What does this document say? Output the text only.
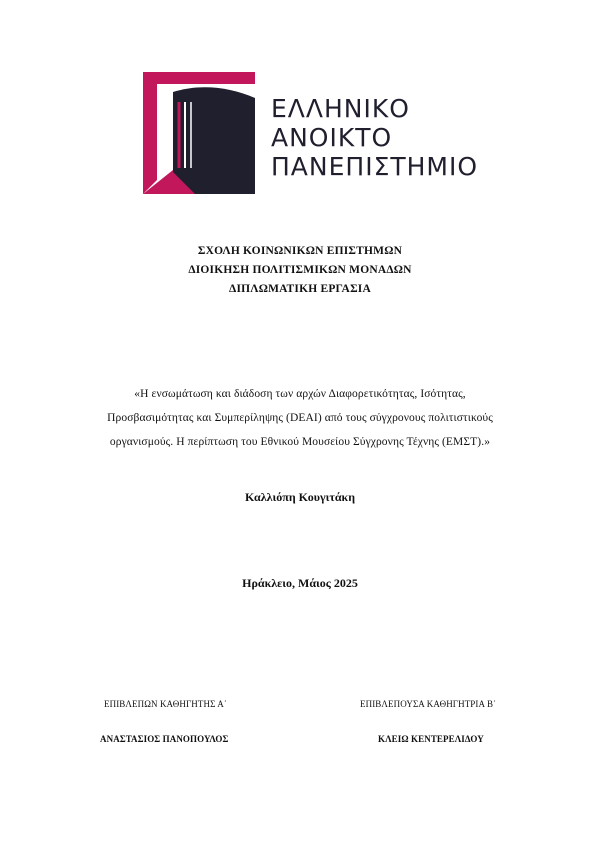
ΕΛΛΗΝΙΚΟ
ΑΝΟΙΚΤΟ
ΠΑΝΕΠΙΣΤΗΜΙΟ
ΣΧΟΛΗ ΚΟΙΝΩΝΙΚΩΝ ΕΠΙΣΤΗΜΩΝ
ΔΙΟΙΚΗΣΗ ΠΟΛΙΤΙΣΜΙΚΩΝ ΜΟΝΑΔΩΝ
ΔΙΠΛΩΜΑΤΙΚΗ ΕΡΓΑΣΙΑ
«Η ενσωμάτωση και διάδοση των αρχών Διαφορετικότητας, Ισότητας,
Προσβασιμότητας και Συμπερίληψης (DEAI) από τους σύγχρονους πολιτιστικούς
οργανισμούς. Η περίπτωση του Εθνικού Μουσείου Σύγχρονης Τέχνης (ΕΜΣΤ).»
Καλλιόπη Κουγιτάκη
Ηράκλειο, Μάιος 2025
ΕΠΙΒΛΕΠΩΝ ΚΑΘΗΓΗΤΗΣ Α΄	ΕΠΙΒΛΕΠΟΥΣΑ ΚΑΘΗΓΗΤΡΙΑ Β΄
ΑΝΑΣΤΑΣΙΟΣ ΠΑΝΟΠΟΥΛΟΣ	ΚΛΕΙΩ ΚΕΝΤΕΡΕΛΙΔΟΥ
